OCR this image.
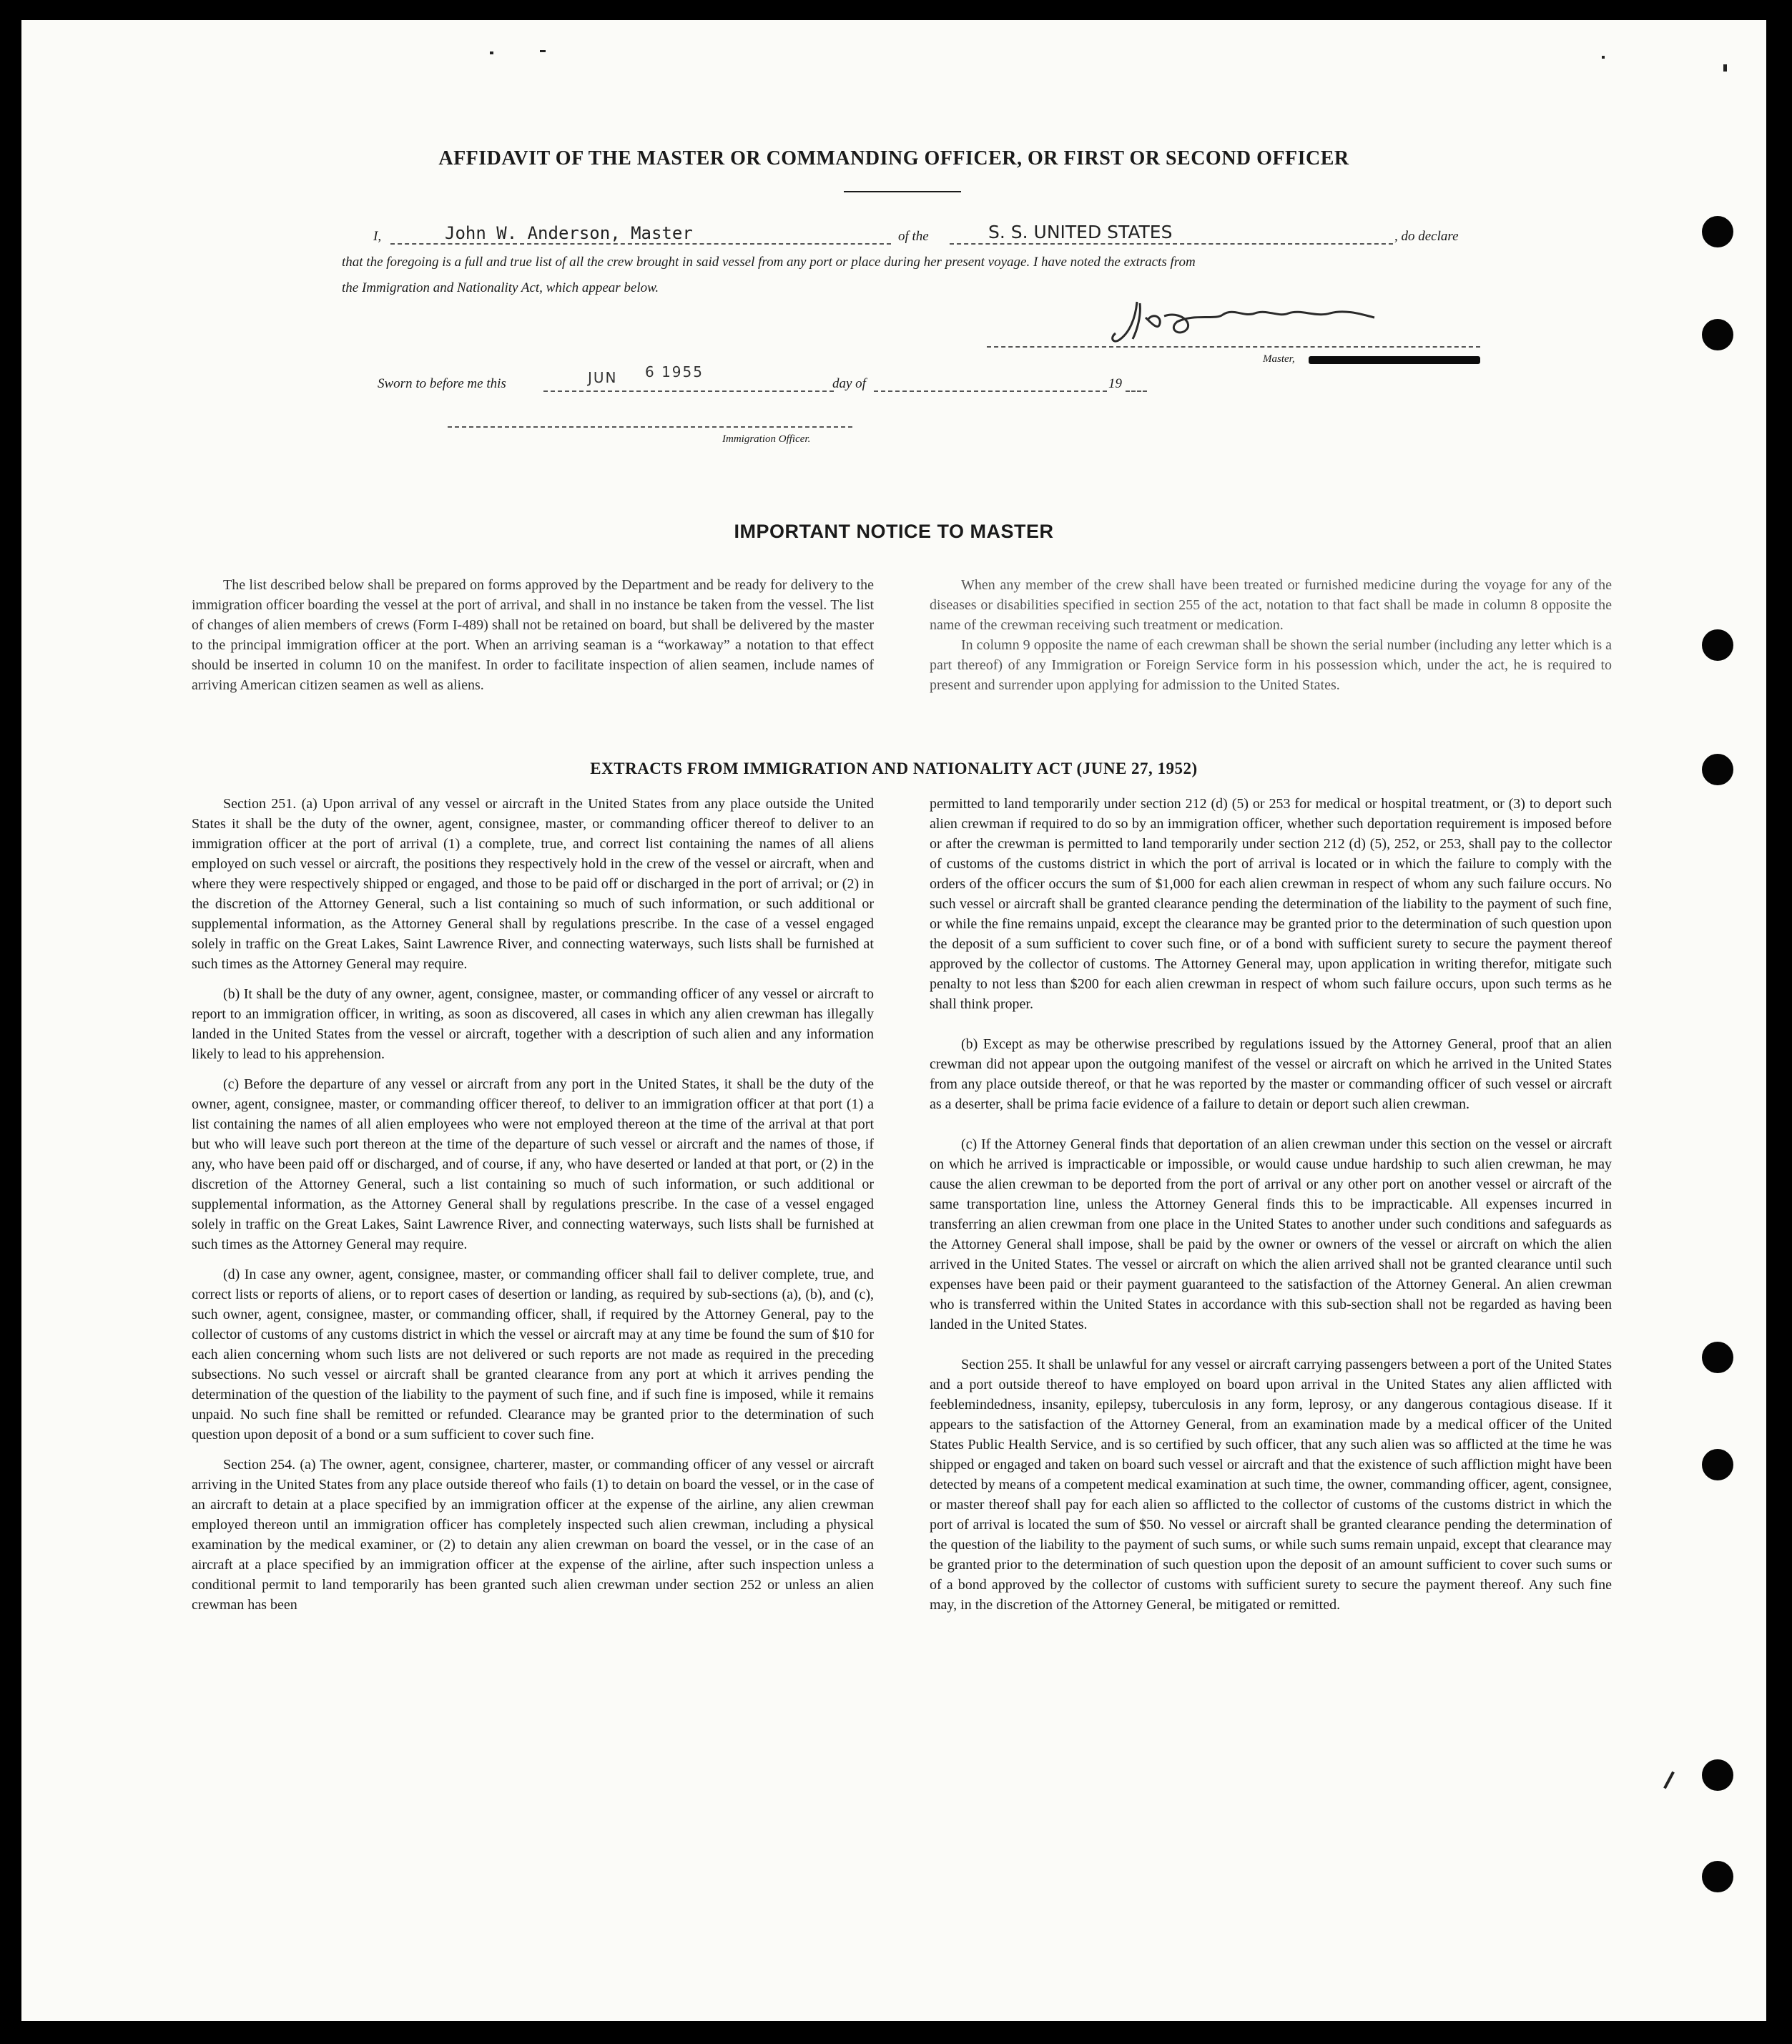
AFFIDAVIT OF THE MASTER OR COMMANDING OFFICER, OR FIRST OR SECOND OFFICER
I,	John W. Anderson, Master	of the	S. S. UNITED STATES	, do declare
that the foregoing is a full and true list of all the crew brought in said vessel from any port or place during her present voyage. I have noted the extracts from
the Immigration and Nationality Act, which appear below.
Master,
Sworn to before me this	JUN 6 1955
day of	19
Immigration Officer.
IMPORTANT NOTICE TO MASTER

The list described below shall be prepared on forms approved by the Department and be ready for delivery to the immigration officer boarding the vessel at the port of arrival, and shall in no instance be taken from the vessel. The list of changes of alien members of crews (Form I-489) shall not be retained on board, but shall be delivered by the master to the principal immigration officer at the port. When an arriving seaman is a “workaway” a notation to that effect should be inserted in column 10 on the manifest. In order to facilitate inspection of alien seamen, include names of arriving American citizen seamen as well as aliens.

When any member of the crew shall have been treated or furnished medicine during the voyage for any of the diseases or disabilities specified in section 255 of the act, notation to that fact shall be made in column 8 opposite the name of the crewman receiving such treatment or medication.

In column 9 opposite the name of each crewman shall be shown the serial number (including any letter which is a part thereof) of any Immigration or Foreign Service form in his possession which, under the act, he is required to present and surrender upon applying for admission to the United States.

EXTRACTS FROM IMMIGRATION AND NATIONALITY ACT (JUNE 27, 1952)

Section 251. (a) Upon arrival of any vessel or aircraft in the United States from any place outside the United States it shall be the duty of the owner, agent, consignee, master, or commanding officer thereof to deliver to an immigration officer at the port of arrival (1) a complete, true, and correct list containing the names of all aliens employed on such vessel or aircraft, the positions they respectively hold in the crew of the vessel or aircraft, when and where they were respectively shipped or engaged, and those to be paid off or discharged in the port of arrival; or (2) in the discretion of the Attorney General, such a list containing so much of such information, or such additional or supplemental information, as the Attorney General shall by regulations prescribe. In the case of a vessel engaged solely in traffic on the Great Lakes, Saint Lawrence River, and connecting waterways, such lists shall be furnished at such times as the Attorney General may require.

(b) It shall be the duty of any owner, agent, consignee, master, or commanding officer of any vessel or aircraft to report to an immigration officer, in writing, as soon as discovered, all cases in which any alien crewman has illegally landed in the United States from the vessel or aircraft, together with a description of such alien and any information likely to lead to his apprehension.

(c) Before the departure of any vessel or aircraft from any port in the United States, it shall be the duty of the owner, agent, consignee, master, or commanding officer thereof, to deliver to an immigration officer at that port (1) a list containing the names of all alien employees who were not employed thereon at the time of the arrival at that port but who will leave such port thereon at the time of the departure of such vessel or aircraft and the names of those, if any, who have been paid off or discharged, and of course, if any, who have deserted or landed at that port, or (2) in the discretion of the Attorney General, such a list containing so much of such information, or such additional or supplemental information, as the Attorney General shall by regulations prescribe. In the case of a vessel engaged solely in traffic on the Great Lakes, Saint Lawrence River, and connecting waterways, such lists shall be furnished at such times as the Attorney General may require.

(d) In case any owner, agent, consignee, master, or commanding officer shall fail to deliver complete, true, and correct lists or reports of aliens, or to report cases of desertion or landing, as required by sub-sections (a), (b), and (c), such owner, agent, consignee, master, or commanding officer, shall, if required by the Attorney General, pay to the collector of customs of any customs district in which the vessel or aircraft may at any time be found the sum of $10 for each alien concerning whom such lists are not delivered or such reports are not made as required in the preceding subsections. No such vessel or aircraft shall be granted clearance from any port at which it arrives pending the determination of the question of the liability to the payment of such fine, and if such fine is imposed, while it remains unpaid. No such fine shall be remitted or refunded. Clearance may be granted prior to the determination of such question upon deposit of a bond or a sum sufficient to cover such fine.

Section 254. (a) The owner, agent, consignee, charterer, master, or commanding officer of any vessel or aircraft arriving in the United States from any place outside thereof who fails (1) to detain on board the vessel, or in the case of an aircraft to detain at a place specified by an immigration officer at the expense of the airline, any alien crewman employed thereon until an immigration officer has completely inspected such alien crewman, including a physical examination by the medical examiner, or (2) to detain any alien crewman on board the vessel, or in the case of an aircraft at a place specified by an immigration officer at the expense of the airline, after such inspection unless a conditional permit to land temporarily has been granted such alien crewman under section 252 or unless an alien crewman has been

permitted to land temporarily under section 212 (d) (5) or 253 for medical or hospital treatment, or (3) to deport such alien crewman if required to do so by an immigration officer, whether such deportation requirement is imposed before or after the crewman is permitted to land temporarily under section 212 (d) (5), 252, or 253, shall pay to the collector of customs of the customs district in which the port of arrival is located or in which the failure to comply with the orders of the officer occurs the sum of $1,000 for each alien crewman in respect of whom any such failure occurs. No such vessel or aircraft shall be granted clearance pending the determination of the liability to the payment of such fine, or while the fine remains unpaid, except the clearance may be granted prior to the determination of such question upon the deposit of a sum sufficient to cover such fine, or of a bond with sufficient surety to secure the payment thereof approved by the collector of customs. The Attorney General may, upon application in writing therefor, mitigate such penalty to not less than $200 for each alien crewman in respect of whom such failure occurs, upon such terms as he shall think proper.

(b) Except as may be otherwise prescribed by regulations issued by the Attorney General, proof that an alien crewman did not appear upon the outgoing manifest of the vessel or aircraft on which he arrived in the United States from any place outside thereof, or that he was reported by the master or commanding officer of such vessel or aircraft as a deserter, shall be prima facie evidence of a failure to detain or deport such alien crewman.

(c) If the Attorney General finds that deportation of an alien crewman under this section on the vessel or aircraft on which he arrived is impracticable or impossible, or would cause undue hardship to such alien crewman, he may cause the alien crewman to be deported from the port of arrival or any other port on another vessel or aircraft of the same transportation line, unless the Attorney General finds this to be impracticable. All expenses incurred in transferring an alien crewman from one place in the United States to another under such conditions and safeguards as the Attorney General shall impose, shall be paid by the owner or owners of the vessel or aircraft on which the alien arrived in the United States. The vessel or aircraft on which the alien arrived shall not be granted clearance until such expenses have been paid or their payment guaranteed to the satisfaction of the Attorney General. An alien crewman who is transferred within the United States in accordance with this sub-section shall not be regarded as having been landed in the United States.

Section 255. It shall be unlawful for any vessel or aircraft carrying passengers between a port of the United States and a port outside thereof to have employed on board upon arrival in the United States any alien afflicted with feeblemindedness, insanity, epilepsy, tuberculosis in any form, leprosy, or any dangerous contagious disease. If it appears to the satisfaction of the Attorney General, from an examination made by a medical officer of the United States Public Health Service, and is so certified by such officer, that any such alien was so afflicted at the time he was shipped or engaged and taken on board such vessel or aircraft and that the existence of such affliction might have been detected by means of a competent medical examination at such time, the owner, commanding officer, agent, consignee, or master thereof shall pay for each alien so afflicted to the collector of customs of the customs district in which the port of arrival is located the sum of $50. No vessel or aircraft shall be granted clearance pending the determination of the question of the liability to the payment of such sums, or while such sums remain unpaid, except that clearance may be granted prior to the determination of such question upon the deposit of an amount sufficient to cover such sums or of a bond approved by the collector of customs with sufficient surety to secure the payment thereof. Any such fine may, in the discretion of the Attorney General, be mitigated or remitted.
